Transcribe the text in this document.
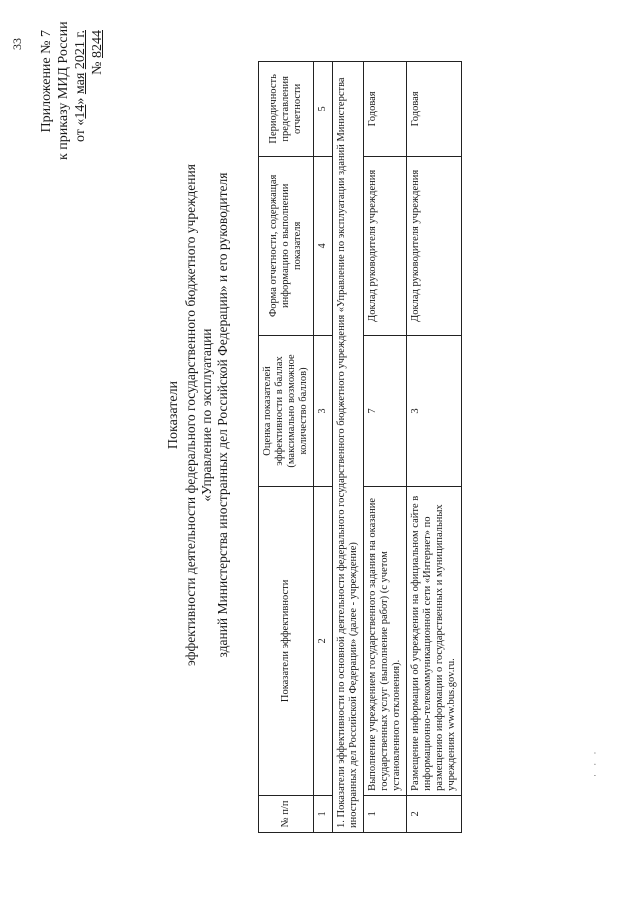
33 Приложение № 7 к приказу МИД России от «14» мая 2021 г. № 8244
Показатели эффективности деятельности федерального государственного бюджетного учреждения «Управление по эксплуатации зданий Министерства иностранных дел Российской Федерации» и его руководителя
№ п/п	Показатели эффективности	Оценка показателей эффективности в баллах (максимально возможное количество баллов)	Форма отчетности, содержащая информацию о выполнении показателя	Периодичность представления отчетности
1	2	3	4	5
1. Показатели эффективности по основной деятельности федерального государственного бюджетного учреждения «Управление по эксплуатации зданий Министерства иностранных дел Российской Федерации» (далее - учреждение)				
1	Выполнение учреждением государственного задания на оказание государственных услуг (выполнение работ) (с учетом установленного отклонения).	7	Доклад руководителя учреждения	Годовая
2	Размещение информации об учреждении на официальном сайте в информационно-телекоммуникационной сети «Интернет» по размещению информации о государственных и муниципальных учреждениях www.bus.gov.ru.	3	Доклад руководителя учреждения	Годовая
· · ·
